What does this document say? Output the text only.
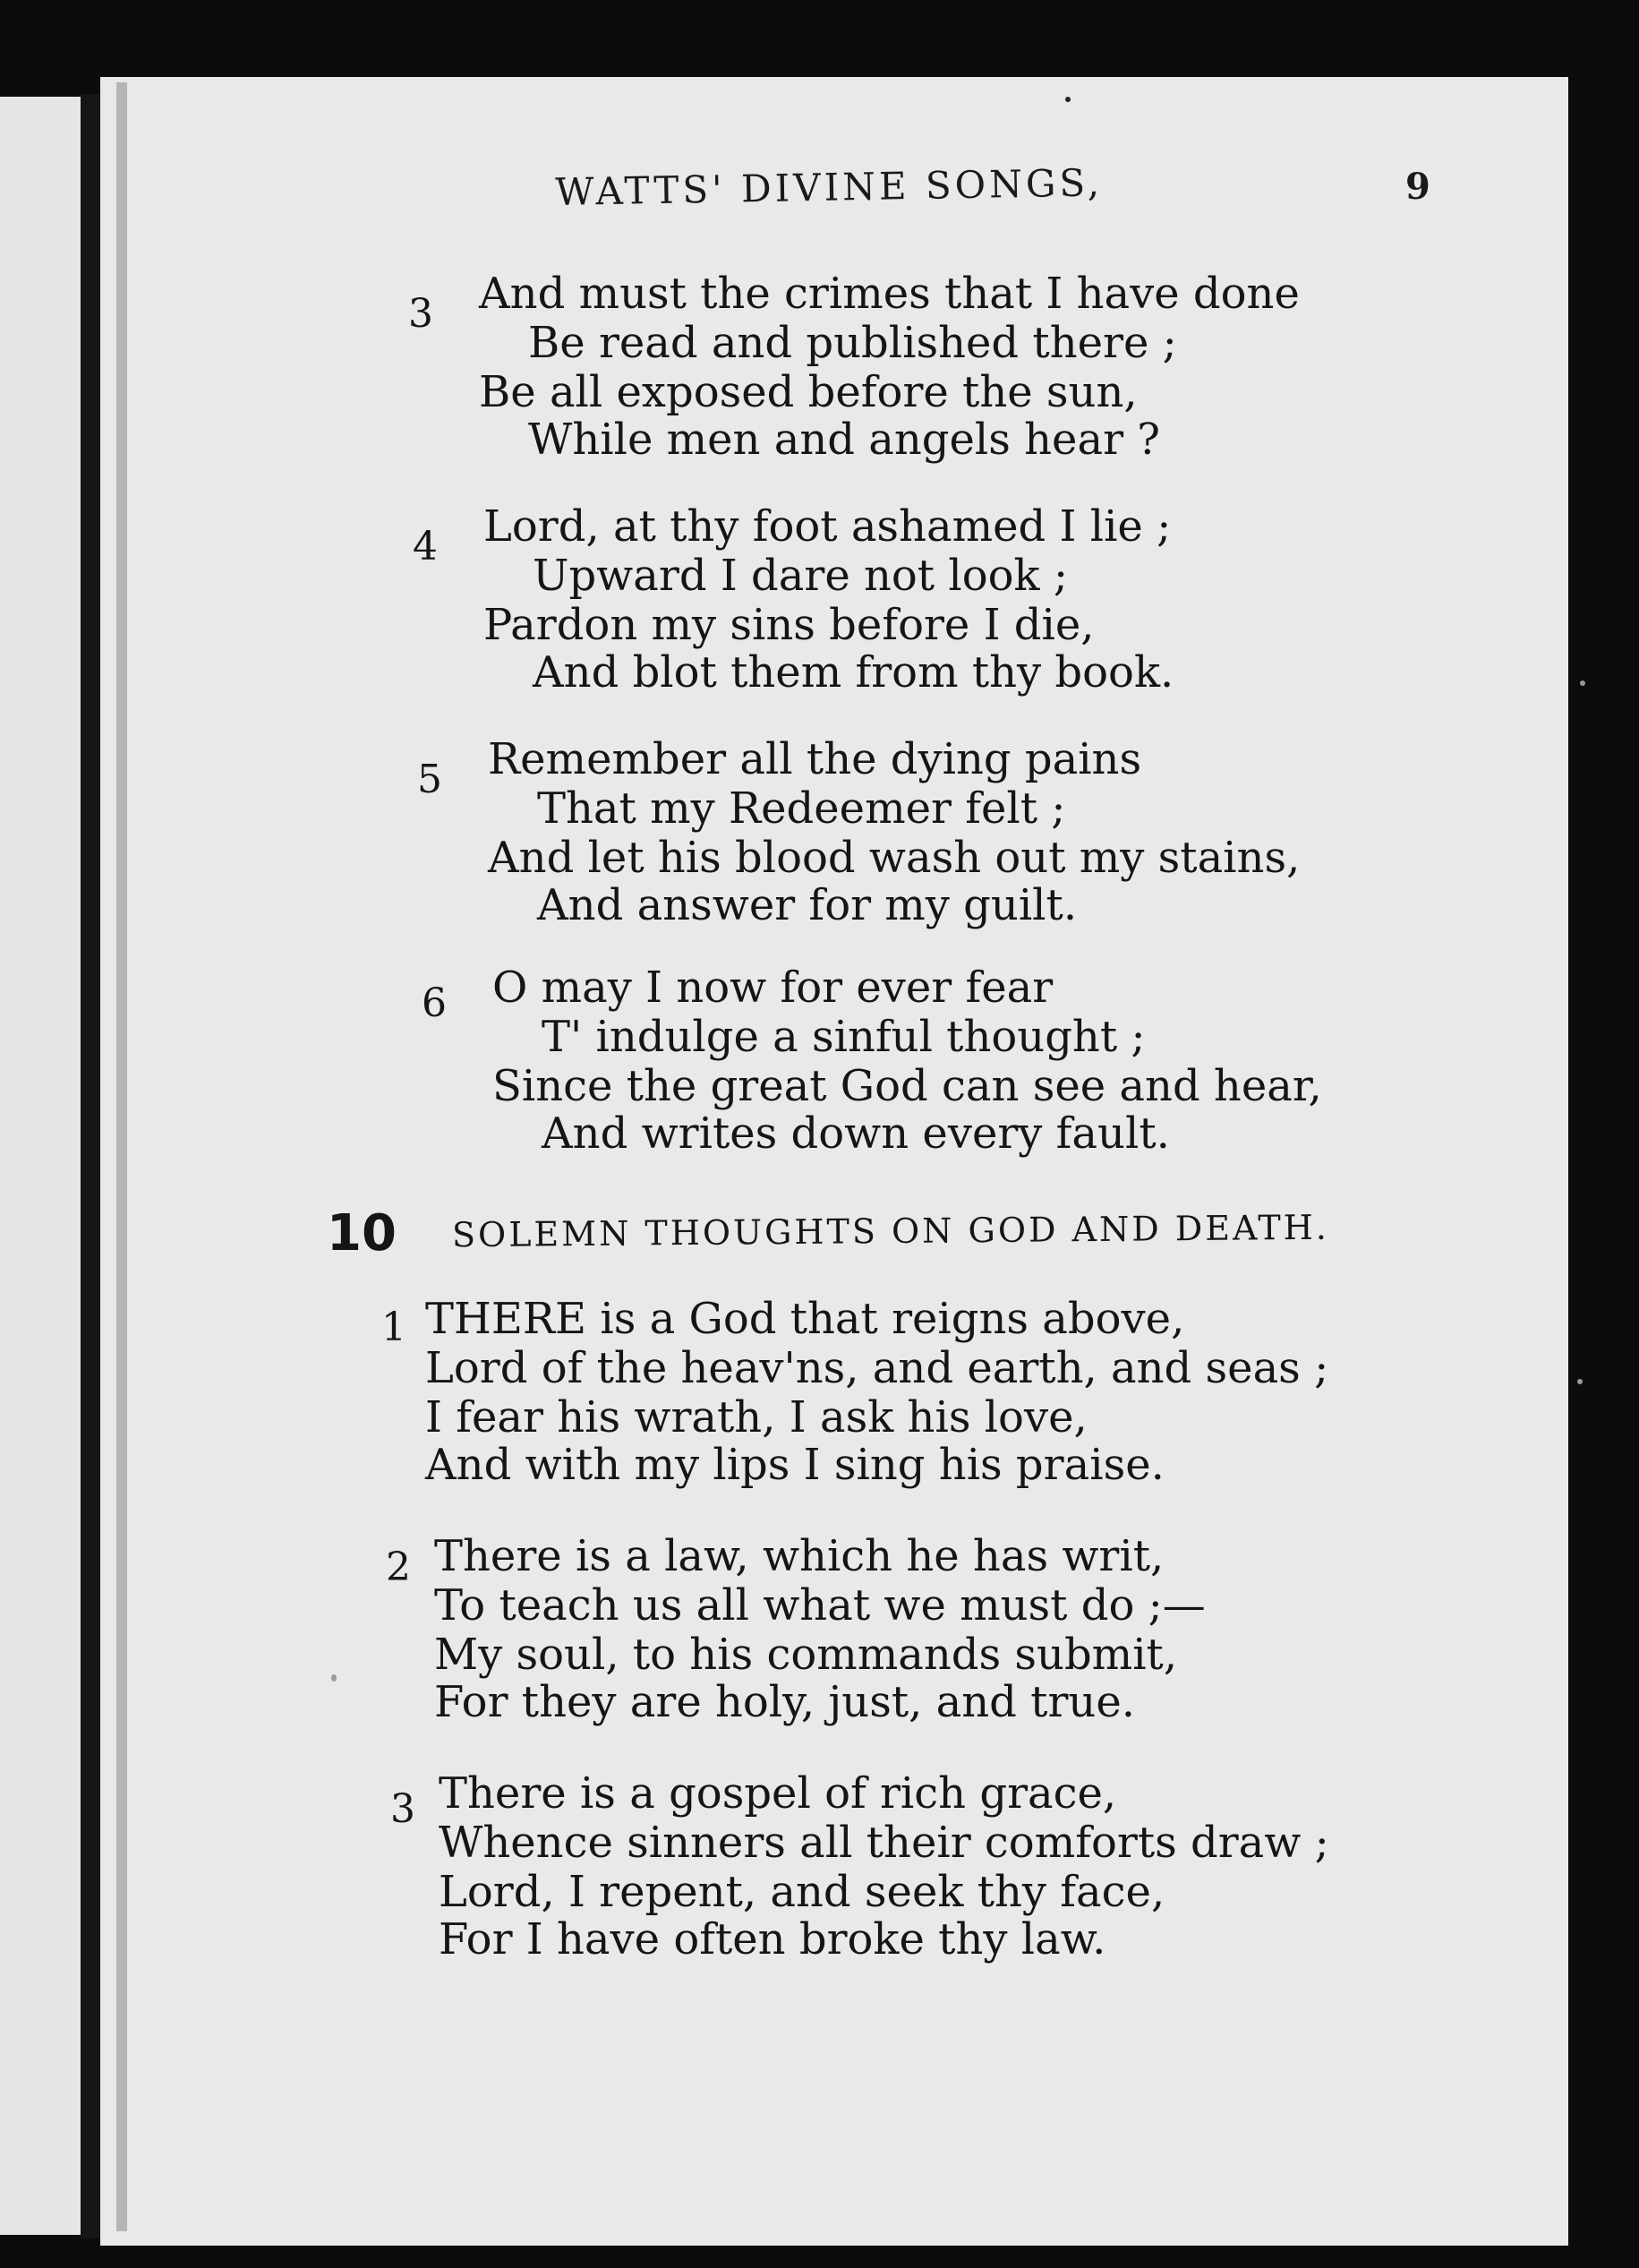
WATTS' DIVINE SONGS,	9
3 And must the crimes that I have done
Be read and published there ;
Be all exposed before the sun,
While men and angels hear ?
4 Lord, at thy foot ashamed I lie ;
Upward I dare not look ;
Pardon my sins before I die,
And blot them from thy book.
5 Remember all the dying pains
That my Redeemer felt ;
And let his blood wash out my stains,
And answer for my guilt.
6 O may I now for ever fear
T' indulge a sinful thought ;
Since the great God can see and hear,
And writes down every fault.
10 SOLEMN THOUGHTS ON GOD AND DEATH.
1 THERE is a God that reigns above,
Lord of the heav'ns, and earth, and seas ;
I fear his wrath, I ask his love,
And with my lips I sing his praise.
2 There is a law, which he has writ,
To teach us all what we must do ;—
My soul, to his commands submit,
For they are holy, just, and true.
3 There is a gospel of rich grace,
Whence sinners all their comforts draw ;
Lord, I repent, and seek thy face,
For I have often broke thy law.
